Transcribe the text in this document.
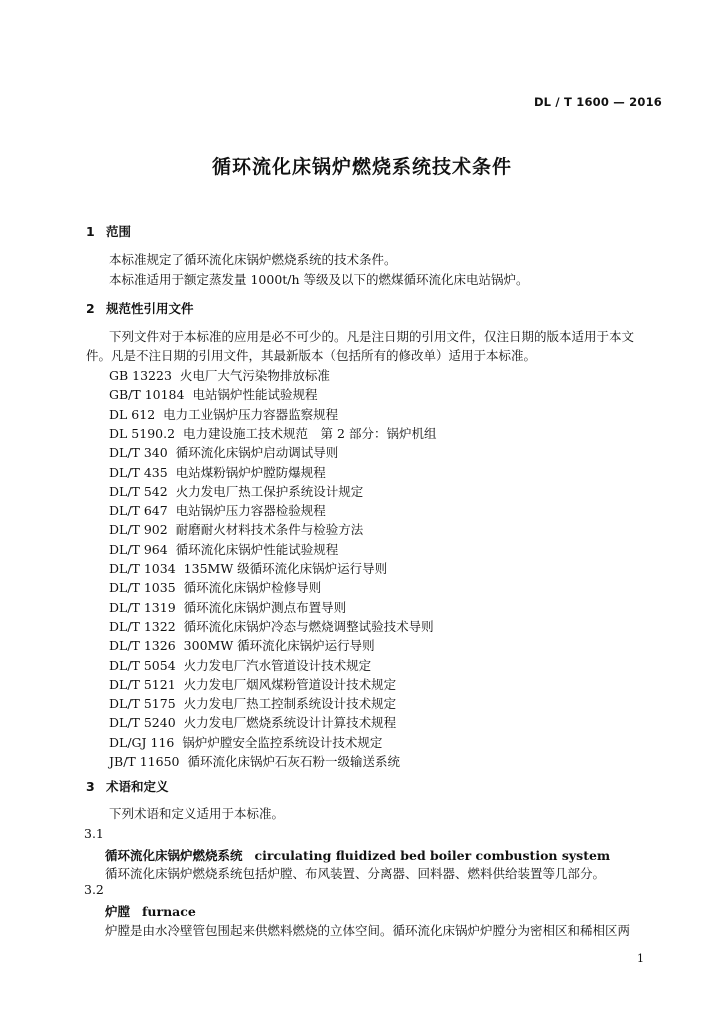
DL / T 1600 — 2016
循环流化床锅炉燃烧系统技术条件
1 范围
本标准规定了循环流化床锅炉燃烧系统的技术条件。
本标准适用于额定蒸发量 1000t/h 等级及以下的燃煤循环流化床电站锅炉。
2 规范性引用文件
下列文件对于本标准的应用是必不可少的。凡是注日期的引用文件，仅注日期的版本适用于本文
件。凡是不注日期的引用文件，其最新版本（包括所有的修改单）适用于本标准。
GB 13223 火电厂大气污染物排放标准
GB/T 10184 电站锅炉性能试验规程
DL 612 电力工业锅炉压力容器监察规程
DL 5190.2 电力建设施工技术规范　第 2 部分：锅炉机组
DL/T 340 循环流化床锅炉启动调试导则
DL/T 435 电站煤粉锅炉炉膛防爆规程
DL/T 542 火力发电厂热工保护系统设计规定
DL/T 647 电站锅炉压力容器检验规程
DL/T 902 耐磨耐火材料技术条件与检验方法
DL/T 964 循环流化床锅炉性能试验规程
DL/T 1034 135MW 级循环流化床锅炉运行导则
DL/T 1035 循环流化床锅炉检修导则
DL/T 1319 循环流化床锅炉测点布置导则
DL/T 1322 循环流化床锅炉冷态与燃烧调整试验技术导则
DL/T 1326 300MW 循环流化床锅炉运行导则
DL/T 5054 火力发电厂汽水管道设计技术规定
DL/T 5121 火力发电厂烟风煤粉管道设计技术规定
DL/T 5175 火力发电厂热工控制系统设计技术规定
DL/T 5240 火力发电厂燃烧系统设计计算技术规程
DL/GJ 116 锅炉炉膛安全监控系统设计技术规定
JB/T 11650 循环流化床锅炉石灰石粉一级输送系统
3 术语和定义
下列术语和定义适用于本标准。
3.1
循环流化床锅炉燃烧系统 circulating fluidized bed boiler combustion system
循环流化床锅炉燃烧系统包括炉膛、布风装置、分离器、回料器、燃料供给装置等几部分。
3.2
炉膛 furnace
炉膛是由水冷壁管包围起来供燃料燃烧的立体空间。循环流化床锅炉炉膛分为密相区和稀相区两
1
